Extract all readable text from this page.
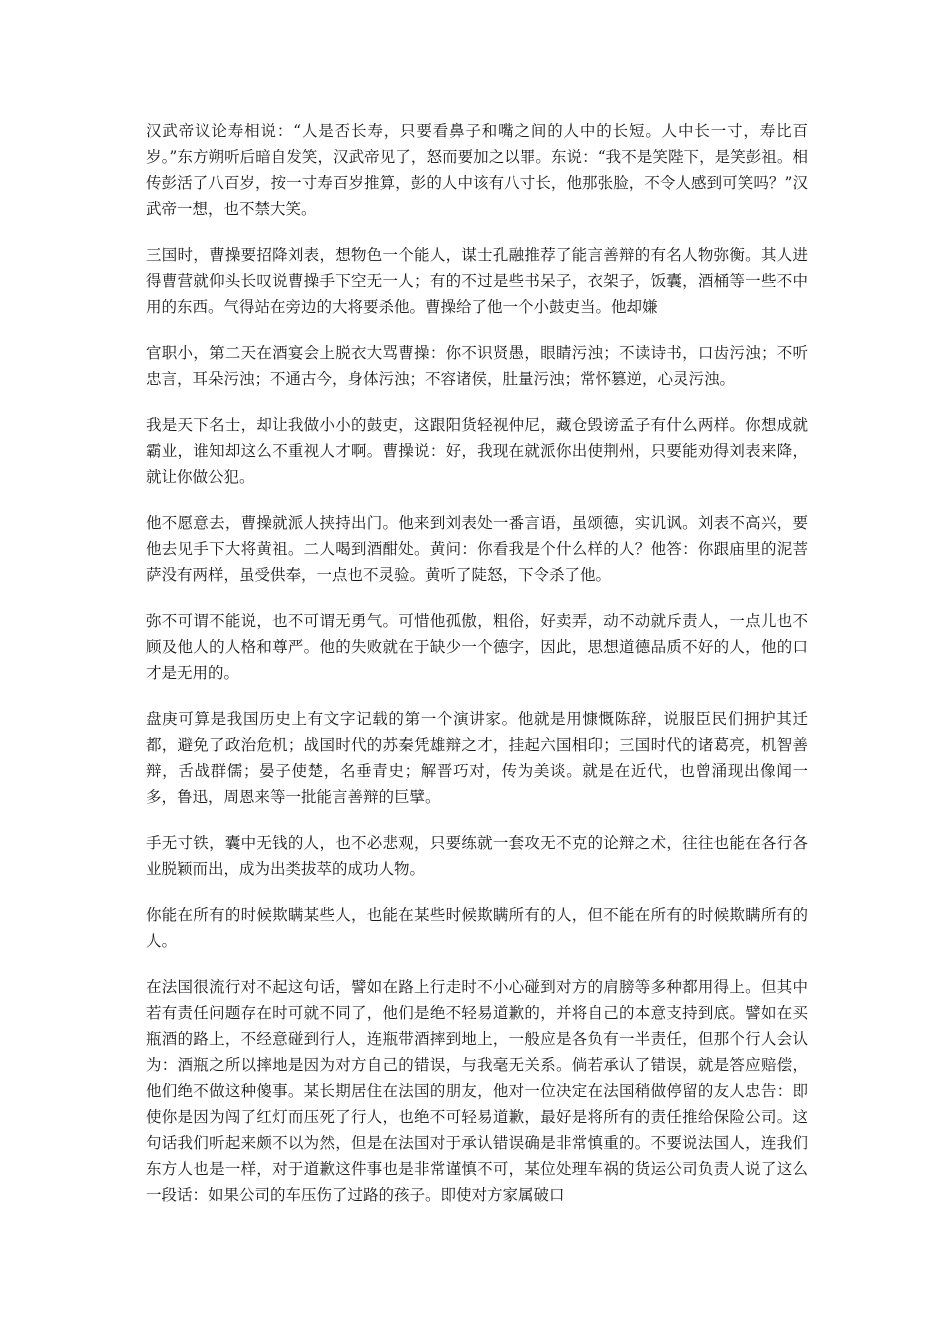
汉武帝议论寿相说：“人是否长寿，只要看鼻子和嘴之间的人中的长短。人中长一寸，寿比百岁。”东方朔听后暗自发笑，汉武帝见了，怒而要加之以罪。东说：“我不是笑陛下，是笑彭祖。相传彭活了八百岁，按一寸寿百岁推算，彭的人中该有八寸长，他那张脸，不令人感到可笑吗？”汉武帝一想，也不禁大笑。

三国时，曹操要招降刘表，想物色一个能人，谋士孔融推荐了能言善辩的有名人物弥衡。其人进得曹营就仰头长叹说曹操手下空无一人；有的不过是些书呆子，衣架子，饭囊，酒桶等一些不中用的东西。气得站在旁边的大将要杀他。曹操给了他一个小鼓吏当。他却嫌

官职小，第二天在酒宴会上脱衣大骂曹操：你不识贤愚，眼睛污浊；不读诗书，口齿污浊；不听忠言，耳朵污浊；不通古今，身体污浊；不容诸侯，肚量污浊；常怀篡逆，心灵污浊。

我是天下名士，却让我做小小的鼓吏，这跟阳货轻视仲尼，藏仓毁谤孟子有什么两样。你想成就霸业，谁知却这么不重视人才啊。曹操说：好，我现在就派你出使荆州，只要能劝得刘表来降，就让你做公犯。

他不愿意去，曹操就派人挟持出门。他来到刘表处一番言语，虽颂德，实讥讽。刘表不高兴，要他去见手下大将黄祖。二人喝到酒酣处。黄问：你看我是个什么样的人？他答：你跟庙里的泥菩萨没有两样，虽受供奉，一点也不灵验。黄听了陡怒，下令杀了他。

弥不可谓不能说，也不可谓无勇气。可惜他孤傲，粗俗，好卖弄，动不动就斥责人，一点儿也不顾及他人的人格和尊严。他的失败就在于缺少一个德字，因此，思想道德品质不好的人，他的口才是无用的。

盘庚可算是我国历史上有文字记载的第一个演讲家。他就是用慷慨陈辞，说服臣民们拥护其迁都，避免了政治危机；战国时代的苏秦凭雄辩之才，挂起六国相印；三国时代的诸葛亮，机智善辩，舌战群儒；晏子使楚，名垂青史；解晋巧对，传为美谈。就是在近代，也曾涌现出像闻一多，鲁迅，周恩来等一批能言善辩的巨擘。

手无寸铁，囊中无钱的人，也不必悲观，只要练就一套攻无不克的论辩之术，往往也能在各行各业脱颖而出，成为出类拔萃的成功人物。

你能在所有的时候欺瞒某些人，也能在某些时候欺瞒所有的人，但不能在所有的时候欺瞒所有的人。

在法国很流行对不起这句话，譬如在路上行走时不小心碰到对方的肩膀等多种都用得上。但其中若有责任问题存在时可就不同了，他们是绝不轻易道歉的，并将自己的本意支持到底。譬如在买瓶酒的路上，不经意碰到行人，连瓶带酒摔到地上，一般应是各负有一半责任，但那个行人会认为：酒瓶之所以摔地是因为对方自己的错误，与我毫无关系。倘若承认了错误，就是答应赔偿，他们绝不做这种傻事。某长期居住在法国的朋友，他对一位决定在法国稍做停留的友人忠告：即使你是因为闯了红灯而压死了行人，也绝不可轻易道歉，最好是将所有的责任推给保险公司。这句话我们听起来颇不以为然，但是在法国对于承认错误确是非常慎重的。不要说法国人，连我们东方人也是一样，对于道歉这件事也是非常谨慎不可，某位处理车祸的货运公司负责人说了这么一段话：如果公司的车压伤了过路的孩子。即使对方家属破口
